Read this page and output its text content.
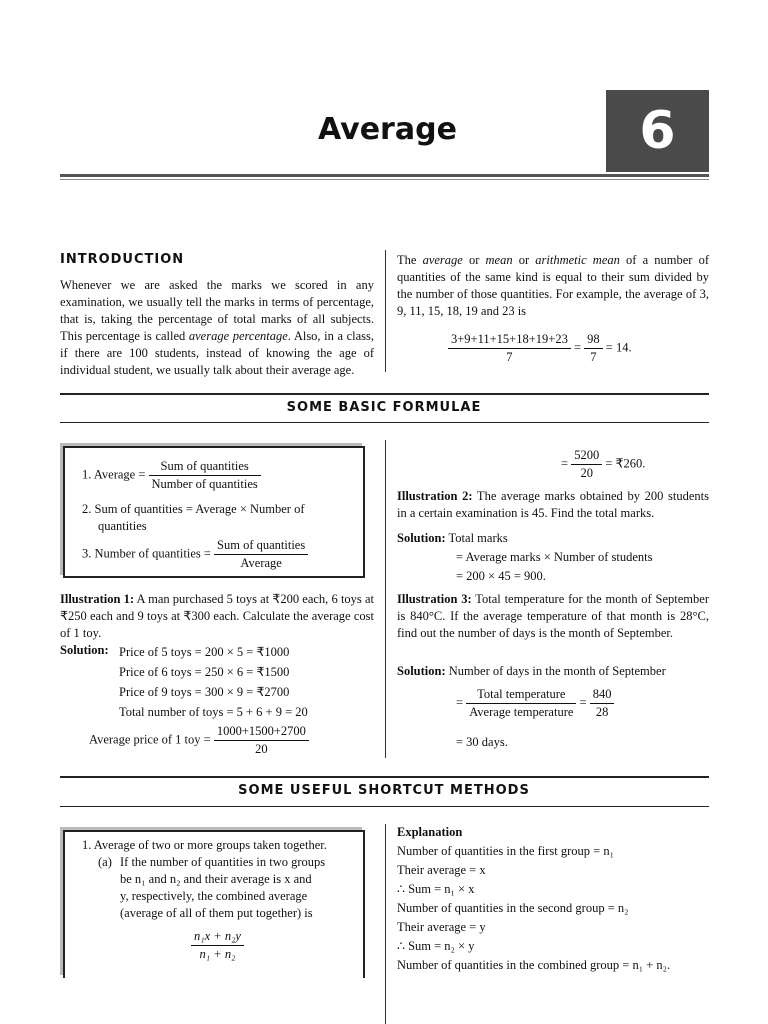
Average	6
INTRODUCTION
Whenever we are asked the marks we scored in any examination, we usually tell the marks in terms of percentage, that is, taking the percentage of total marks of all subjects. This percentage is called average percentage. Also, in a class, if there are 100 students, instead of knowing the age of individual student, we usually talk about their average age.
The average or mean or arithmetic mean of a number of quantities of the same kind is equal to their sum divided by the number of those quantities. For example, the average of 3, 9, 11, 15, 18, 19 and 23 is
$\frac{3+9+11+15+18+19+23}{7} = \frac{98}{7} = 14$.
SOME BASIC FORMULAE
1. Average = $\frac{\text{Sum of quantities}}{\text{Number of quantities}}$
2. Sum of quantities = Average × Number of
quantities
3. Number of quantities = $\frac{\text{Sum of quantities}}{\text{Average}}$
Illustration 1: A man purchased 5 toys at ₹200 each, 6 toys at ₹250 each and 9 toys at ₹300 each. Calculate the average cost of 1 toy.
Solution: Price of 5 toys = 200 × 5 = ₹1000
Price of 6 toys = 250 × 6 = ₹1500
Price of 9 toys = 300 × 9 = ₹2700
Total number of toys = 5 + 6 + 9 = 20
Average price of 1 toy = $\frac{1000+1500+2700}{20}$
= $\frac{5200}{20}$ = ₹260.
Illustration 2: The average marks obtained by 200 students in a certain examination is 45. Find the total marks.
Solution: Total marks
= Average marks × Number of students
= 200 × 45 = 900.
Illustration 3: Total temperature for the month of September is 840°C. If the average temperature of that month is 28°C, find out the number of days is the month of September.
Solution: Number of days in the month of September
= $\frac{\text{Total temperature}}{\text{Average temperature}} = \frac{840}{28}$
= 30 days.
SOME USEFUL SHORTCUT METHODS
1. Average of two or more groups taken together.
(a) If the number of quantities in two groups
be n₁ and n₂ and their average is x and
y, respectively, the combined average
(average of all of them put together) is
$\frac{\text{n₁x + n₂y}}{\text{n₁ + n₂}}$
Explanation
Number of quantities in the first group = n₁
Their average = x
∴ Sum = n₁ × x
Number of quantities in the second group = n₂
Their average = y
∴ Sum = n₂ × y
Number of quantities in the combined group = n₁ + n₂.
